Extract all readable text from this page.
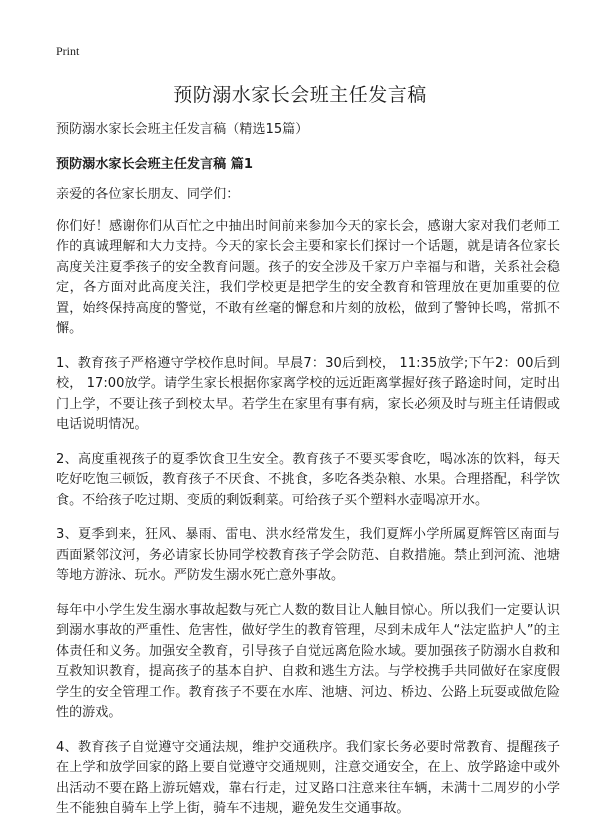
Print
预防溺水家长会班主任发言稿

预防溺水家长会班主任发言稿（精选15篇）

预防溺水家长会班主任发言稿 篇1

亲爱的各位家长朋友、同学们：

你们好！感谢你们从百忙之中抽出时间前来参加今天的家长会，感谢大家对我们老师工作的真诚理解和大力支持。今天的家长会主要和家长们探讨一个话题，就是请各位家长高度关注夏季孩子的安全教育问题。孩子的安全涉及千家万户幸福与和谐，关系社会稳定，各方面对此高度关注，我们学校更是把学生的安全教育和管理放在更加重要的位置，始终保持高度的警觉，不敢有丝毫的懈怠和片刻的放松，做到了警钟长鸣，常抓不懈。

1、教育孩子严格遵守学校作息时间。早晨7：30后到校， 11:35放学;下午2：00后到校， 17:00放学。请学生家长根据你家离学校的远近距离掌握好孩子路途时间，定时出门上学，不要让孩子到校太早。若学生在家里有事有病，家长必须及时与班主任请假或电话说明情况。

2、高度重视孩子的夏季饮食卫生安全。教育孩子不要买零食吃，喝冰冻的饮料，每天吃好吃饱三顿饭，教育孩子不厌食、不挑食，多吃各类杂粮、水果。合理搭配，科学饮食。不给孩子吃过期、变质的剩饭剩菜。可给孩子买个塑料水壶喝凉开水。

3、夏季到来，狂风、暴雨、雷电、洪水经常发生，我们夏辉小学所属夏辉管区南面与西面紧邻汶河，务必请家长协同学校教育孩子学会防范、自救措施。禁止到河流、池塘等地方游泳、玩水。严防发生溺水死亡意外事故。

每年中小学生发生溺水事故起数与死亡人数的数目让人触目惊心。所以我们一定要认识到溺水事故的严重性、危害性，做好学生的教育管理，尽到未成年人“法定监护人”的主体责任和义务。加强安全教育，引导孩子自觉远离危险水域。要加强孩子防溺水自救和互救知识教育，提高孩子的基本自护、自救和逃生方法。与学校携手共同做好在家度假学生的安全管理工作。教育孩子不要在水库、池塘、河边、桥边、公路上玩耍或做危险性的游戏。

4、教育孩子自觉遵守交通法规，维护交通秩序。我们家长务必要时常教育、提醒孩子在上学和放学回家的路上要自觉遵守交通规则，注意交通安全，在上、放学路途中或外出活动不要在路上游玩嬉戏，靠右行走，过叉路口注意来往车辆，未满十二周岁的小学生不能独自骑车上学上街，骑车不违规，避免发生交通事故。
